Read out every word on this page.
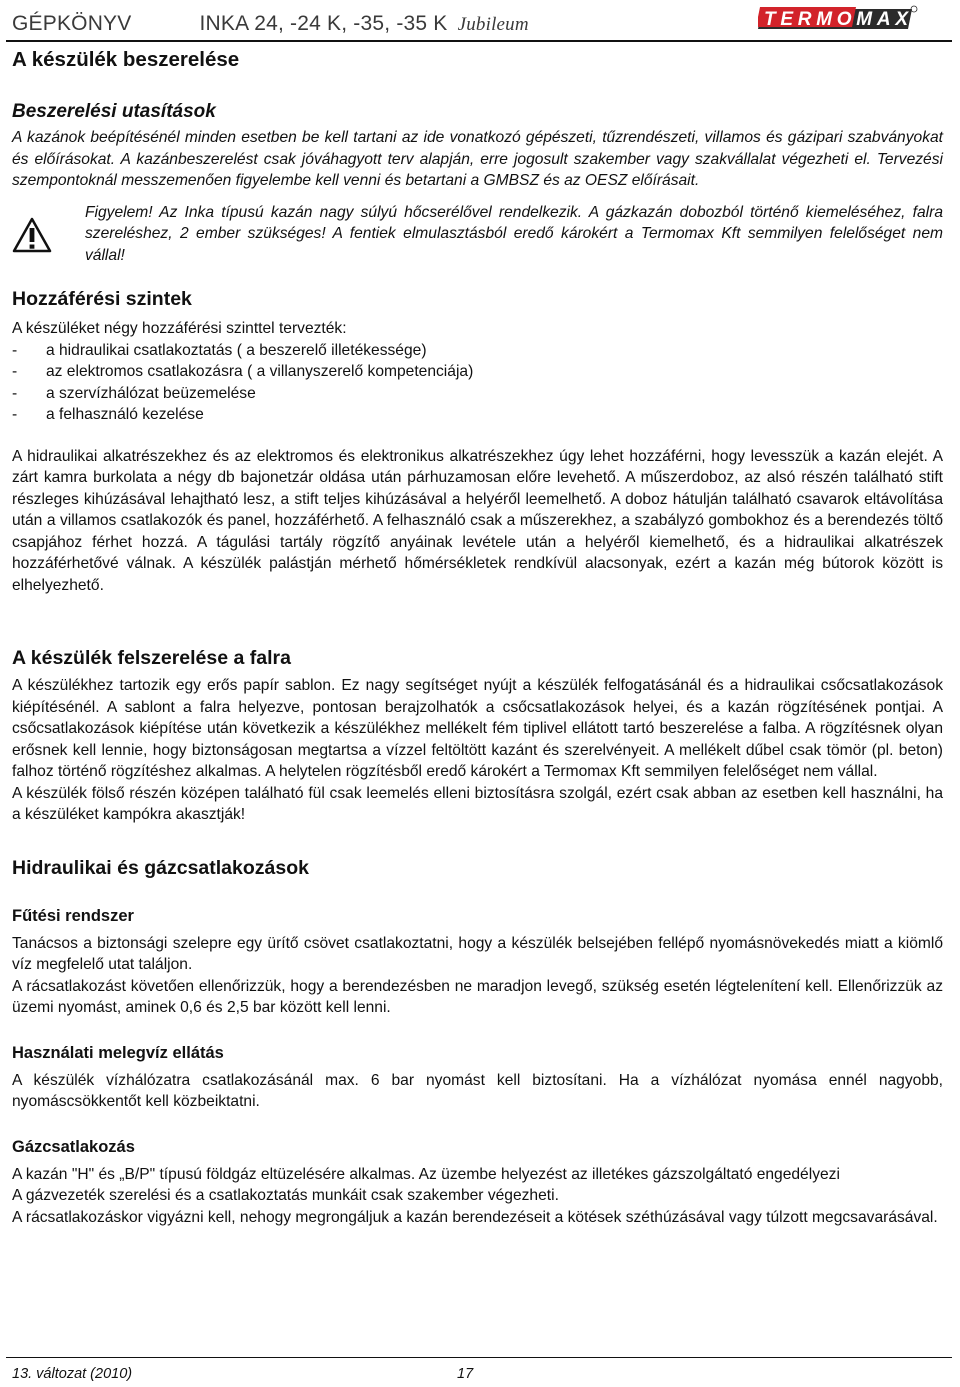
GÉPKÖNYV	INKA 24, -24 K, -35, -35 K Jubileum	TERMOMAX
A készülék beszerelése
Beszerelési utasítások

A kazánok beépítésénél minden esetben be kell tartani az ide vonatkozó gépészeti, tűzrendészeti, villamos és gázipari szabványokat és előírásokat. A kazánbeszerelést csak jóváhagyott terv alapján, erre jogosult szakember vagy szakvállalat végezheti el. Tervezési szempontoknál messzemenően figyelembe kell venni és betartani a GMBSZ és az OESZ előírásait.

Figyelem! Az Inka típusú kazán nagy súlyú hőcserélővel rendelkezik. A gázkazán dobozból történő kiemeléséhez, falra szereléshez, 2 ember szükséges! A fentiek elmulasztásból eredő károkért a Termomax Kft semmilyen felelőséget nem vállal!

Hozzáférési szintek

A készüléket négy hozzáférési szinttel tervezték:

-	a hidraulikai csatlakoztatás ( a beszerelő illetékessége)
-	az elektromos csatlakozásra ( a villanyszerelő kompetenciája)
-	a szervízhálózat beüzemelése
-	a felhasználó kezelése

A hidraulikai alkatrészekhez és az elektromos és elektronikus alkatrészekhez úgy lehet hozzáférni, hogy levesszük a kazán elejét. A zárt kamra burkolata a négy db bajonetzár oldása után párhuzamosan előre levehető. A műszerdoboz, az alsó részén található stift részleges kihúzásával lehajtható lesz, a stift teljes kihúzásával a helyéről leemelhető. A doboz hátulján található csavarok eltávolítása után a villamos csatlakozók és panel, hozzáférhető. A felhasználó csak a műszerekhez, a szabályzó gombokhoz és a berendezés töltő csapjához férhet hozzá. A tágulási tartály rögzítő anyáinak levétele után a helyéről kiemelhető, és a hidraulikai alkatrészek hozzáférhetővé válnak. A készülék palástján mérhető hőmérsékletek rendkívül alacsonyak, ezért a kazán még bútorok között is elhelyezhető.

A készülék felszerelése a falra

A készülékhez tartozik egy erős papír sablon. Ez nagy segítséget nyújt a készülék felfogatásánál és a hidraulikai csőcsatlakozások kiépítésénél. A sablont a falra helyezve, pontosan berajzolhatók a csőcsatlakozások helyei, és a kazán rögzítésének pontjai. A csőcsatlakozások kiépítése után következik a készülékhez mellékelt fém tiplivel ellátott tartó beszerelése a falba. A rögzítésnek olyan erősnek kell lennie, hogy biztonságosan megtartsa a vízzel feltöltött kazánt és szerelvényeit. A mellékelt dűbel csak tömör (pl. beton) falhoz történő rögzítéshez alkalmas. A helytelen rögzítésből eredő károkért a Termomax Kft semmilyen felelőséget nem vállal.

A készülék fölső részén középen található fül csak leemelés elleni biztosításra szolgál, ezért csak abban az esetben kell használni, ha a készüléket kampókra akasztják!

Hidraulikai és gázcsatlakozások
Fűtési rendszer

Tanácsos a biztonsági szelepre egy ürítő csövet csatlakoztatni, hogy a készülék belsejében fellépő nyomásnövekedés miatt a kiömlő víz megfelelő utat találjon.

A rácsatlakozást követően ellenőrizzük, hogy a berendezésben ne maradjon levegő, szükség esetén légtelenítení kell. Ellenőrizzük az üzemi nyomást, aminek 0,6 és 2,5 bar között kell lenni.

Használati melegvíz ellátás

A készülék vízhálózatra csatlakozásánál max. 6 bar nyomást kell biztosítani. Ha a vízhálózat nyomása ennél nagyobb, nyomáscsökkentőt kell közbeiktatni.

Gázcsatlakozás

A kazán "H" és „B/P" típusú földgáz eltüzelésére alkalmas. Az üzembe helyezést az illetékes gázszolgáltató engedélyezi

A gázvezeték szerelési és a csatlakoztatás munkáit csak szakember végezheti.

A rácsatlakozáskor vigyázni kell, nehogy megrongáljuk a kazán berendezéseit a kötések széthúzásával vagy túlzott megcsavarásával.

13. változat (2010)	17
